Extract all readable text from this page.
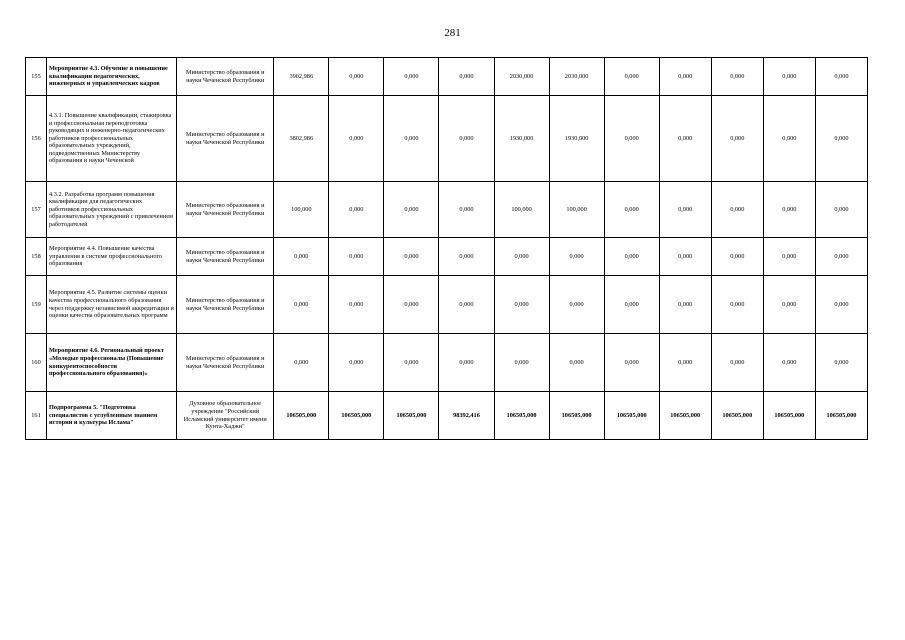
281
155	Мероприятие 4.3. Обучение и повышение квалификации педагогических, инженерных и управленческих кадров	Министерство образования и науки Чеченской Республики	3902,986	0,000	0,000	0,000	2030,000	2030,000	0,000	0,000	0,000	0,000	0,000
156	4.3.1. Повышение квалификации, стажировка и профессиональная переподготовка руководящих и инженерно-педагогических работников профессиональных образовательных учреждений, подведомственных Министерству образования и науки Чеченской	Министерство образования и науки Чеченской Республики	3802,986	0,000	0,000	0,000	1930,000	1930,000	0,000	0,000	0,000	0,000	0,000
157	4.3.2. Разработка программ повышения квалификации для педагогических работников профессиональных образовательных учреждений с привлечением работодателей	Министерство образования и науки Чеченской Республики	100,000	0,000	0,000	0,000	100,000	100,000	0,000	0,000	0,000	0,000	0,000
158	Мероприятие 4.4. Повышение качества управления в системе профессионального образования	Министерство образования и науки Чеченской Республики	0,000	0,000	0,000	0,000	0,000	0,000	0,000	0,000	0,000	0,000	0,000
159	Мероприятие 4.5. Развитие системы оценки качества профессионального образования через поддержку независимой аккредитации и оценки качества образовательных программ	Министерство образования и науки Чеченской Республики	0,000	0,000	0,000	0,000	0,000	0,000	0,000	0,000	0,000	0,000	0,000
160	Мероприятие 4.6. Региональный проект «Молодые профессионалы (Повышение конкурентоспособности профессионального образования)»	Министерство образования и науки Чеченской Республики	0,000	0,000	0,000	0,000	0,000	0,000	0,000	0,000	0,000	0,000	0,000
161	Подпрограмма 5. "Подготовка специалистов с углубленным знанием истории и культуры Ислама"	Духовное образовательное учреждение "Российский Исламский университет имени Кунта-Хаджи"	106505,000	106505,000	106505,000	98392,416	106505,000	106505,000	106505,000	106505,000	106505,000	106505,000	106505,000
